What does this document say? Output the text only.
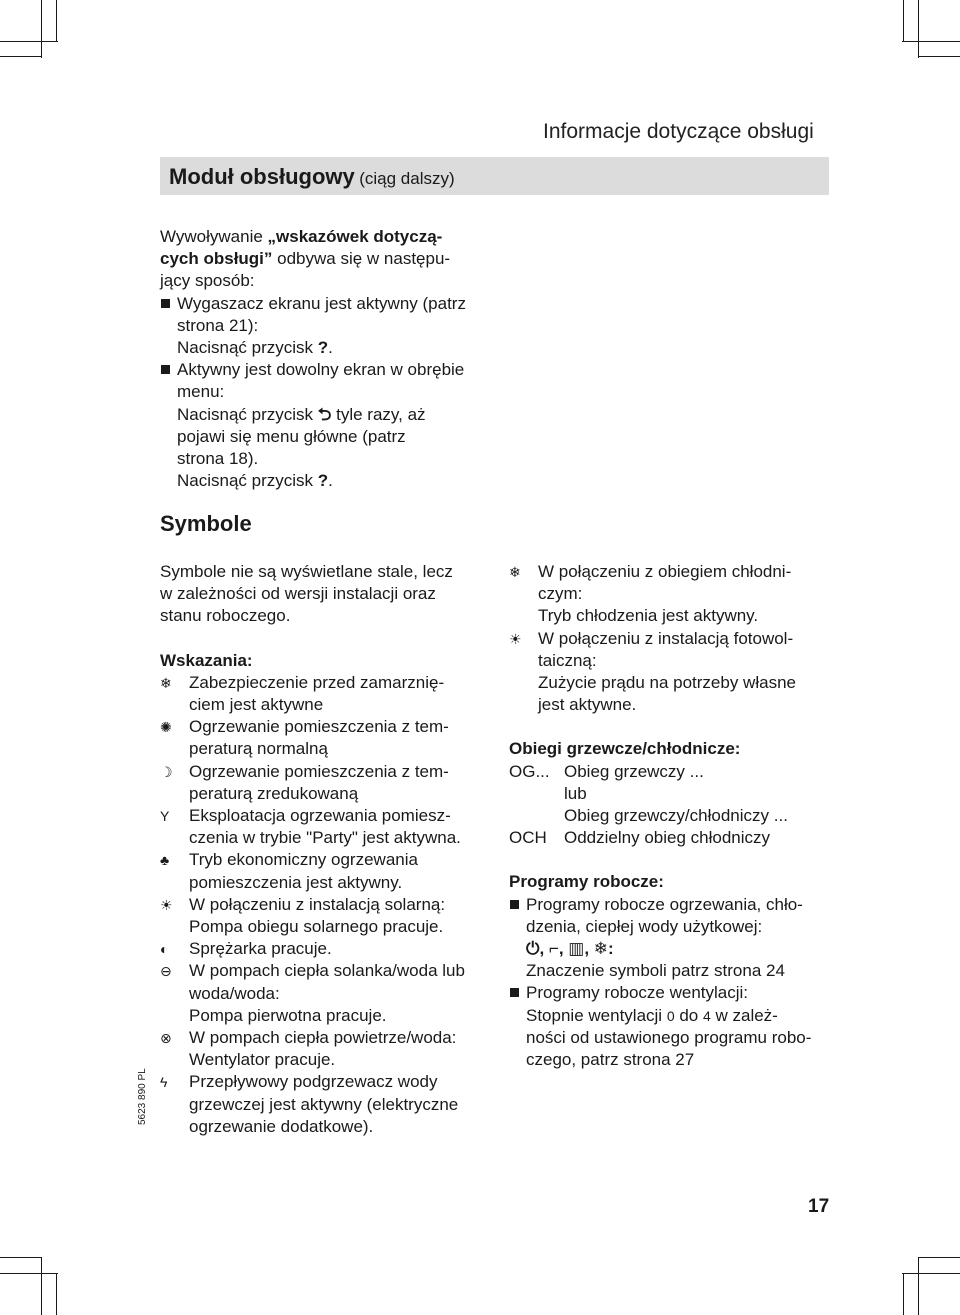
Informacje dotyczące obsługi
Moduł obsługowy (ciąg dalszy)

Wywoływanie „wskazówek dotyczą-

cych obsługi” odbywa się w następu-

jący sposób:

Wygaszacz ekranu jest aktywny (patrz
strona 21):
Nacisnąć przycisk ?.
Aktywny jest dowolny ekran w obrębie
menu:
Nacisnąć przycisk ⮌ tyle razy, aż
pojawi się menu główne (patrz
strona 18).
Nacisnąć przycisk ?.
Symbole
Symbole nie są wyświetlane stale, lecz
w zależności od wersji instalacji oraz
stanu roboczego.
Wskazania:
❄	Zabezpieczenie przed zamarznię-
ciem jest aktywne
✺	Ogrzewanie pomieszczenia z tem-
peraturą normalną
☽ Ogrzewanie pomieszczenia z tem-
peraturą zredukowaną
Y	Eksploatacja ogrzewania pomiesz-
czenia w trybie "Party" jest aktywna.
♣	Tryb ekonomiczny ogrzewania
pomieszczenia jest aktywny.
☀ W połączeniu z instalacją solarną:
Pompa obiegu solarnego pracuje.
◐	Sprężarka pracuje.
⊖	W pompach ciepła solanka/woda lub
woda/woda:
Pompa pierwotna pracuje.
⊗	W pompach ciepła powietrze/woda:
Wentylator pracuje.
ϟ	Przepływowy podgrzewacz wody
grzewczej jest aktywny (elektryczne
ogrzewanie dodatkowe).
❄	W połączeniu z obiegiem chłodni-
czym:
Tryb chłodzenia jest aktywny.
☀ W połączeniu z instalacją fotowol-
taiczną:
Zużycie prądu na potrzeby własne
jest aktywne.
Obiegi grzewcze/chłodnicze:
OG... Obieg grzewczy ...
lub
Obieg grzewczy/chłodniczy ...
OCH	Oddzielny obieg chłodniczy
Programy robocze:
Programy robocze ogrzewania, chło-
dzenia, ciepłej wody użytkowej:
⏻, ⌐, ▥, ❄:
Znaczenie symboli patrz strona 24
Programy robocze wentylacji:
Stopnie wentylacji 0 do 4 w zależ-
ności od ustawionego programu robo-
czego, patrz strona 27
5623 890 PL
17
